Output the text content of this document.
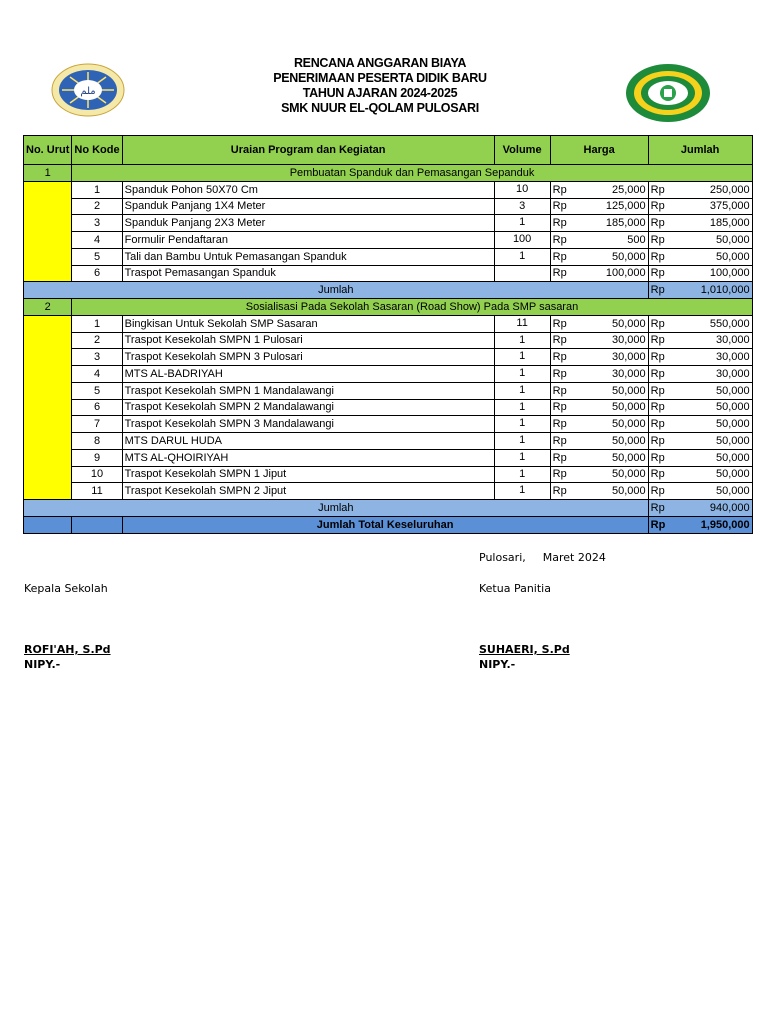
ﻣﻠﻢ
RENCANA ANGGARAN BIAYA
PENERIMAAN PESERTA DIDIK BARU
TAHUN AJARAN 2024-2025
SMK NUUR EL-QOLAM PULOSARI
No. Urut	No Kode	Uraian Program dan Kegiatan	Volume	Harga		Jumlah	
1	Pembuatan Spanduk dan Pemasangan Sepanduk						
	1	Spanduk Pohon 50X70 Cm	10	Rp	25,000	Rp	250,000
	2	Spanduk Panjang 1X4 Meter	3	Rp	125,000	Rp	375,000
	3	Spanduk Panjang 2X3 Meter	1	Rp	185,000	Rp	185,000
	4	Formulir Pendaftaran	100	Rp	500	Rp	50,000
	5	Tali dan Bambu Untuk Pemasangan Spanduk	1	Rp	50,000	Rp	50,000
	6	Traspot Pemasangan Spanduk		Rp	100,000	Rp	100,000
Jumlah						Rp	1,010,000
2	Sosialisasi Pada Sekolah Sasaran (Road Show) Pada SMP sasaran						
	1	Bingkisan Untuk Sekolah SMP Sasaran	11	Rp	50,000	Rp	550,000
	2	Traspot Kesekolah SMPN 1 Pulosari	1	Rp	30,000	Rp	30,000
	3	Traspot Kesekolah SMPN 3 Pulosari	1	Rp	30,000	Rp	30,000
	4	MTS AL-BADRIYAH	1	Rp	30,000	Rp	30,000
	5	Traspot Kesekolah SMPN 1 Mandalawangi	1	Rp	50,000	Rp	50,000
	6	Traspot Kesekolah SMPN 2 Mandalawangi	1	Rp	50,000	Rp	50,000
	7	Traspot Kesekolah SMPN 3 Mandalawangi	1	Rp	50,000	Rp	50,000
	8	MTS DARUL HUDA	1	Rp	50,000	Rp	50,000
	9	MTS AL-QHOIRIYAH	1	Rp	50,000	Rp	50,000
	10	Traspot Kesekolah SMPN 1 Jiput	1	Rp	50,000	Rp	50,000
	11	Traspot Kesekolah SMPN 2 Jiput	1	Rp	50,000	Rp	50,000
Jumlah						Rp	940,000
		Jumlah Total Keseluruhan				Rp	1,950,000
Pulosari, Maret 2024
Kepala Sekolah	Ketua Panitia
ROFI'AH, S.Pd
NIPY.-
SUHAERI, S.Pd
NIPY.-
